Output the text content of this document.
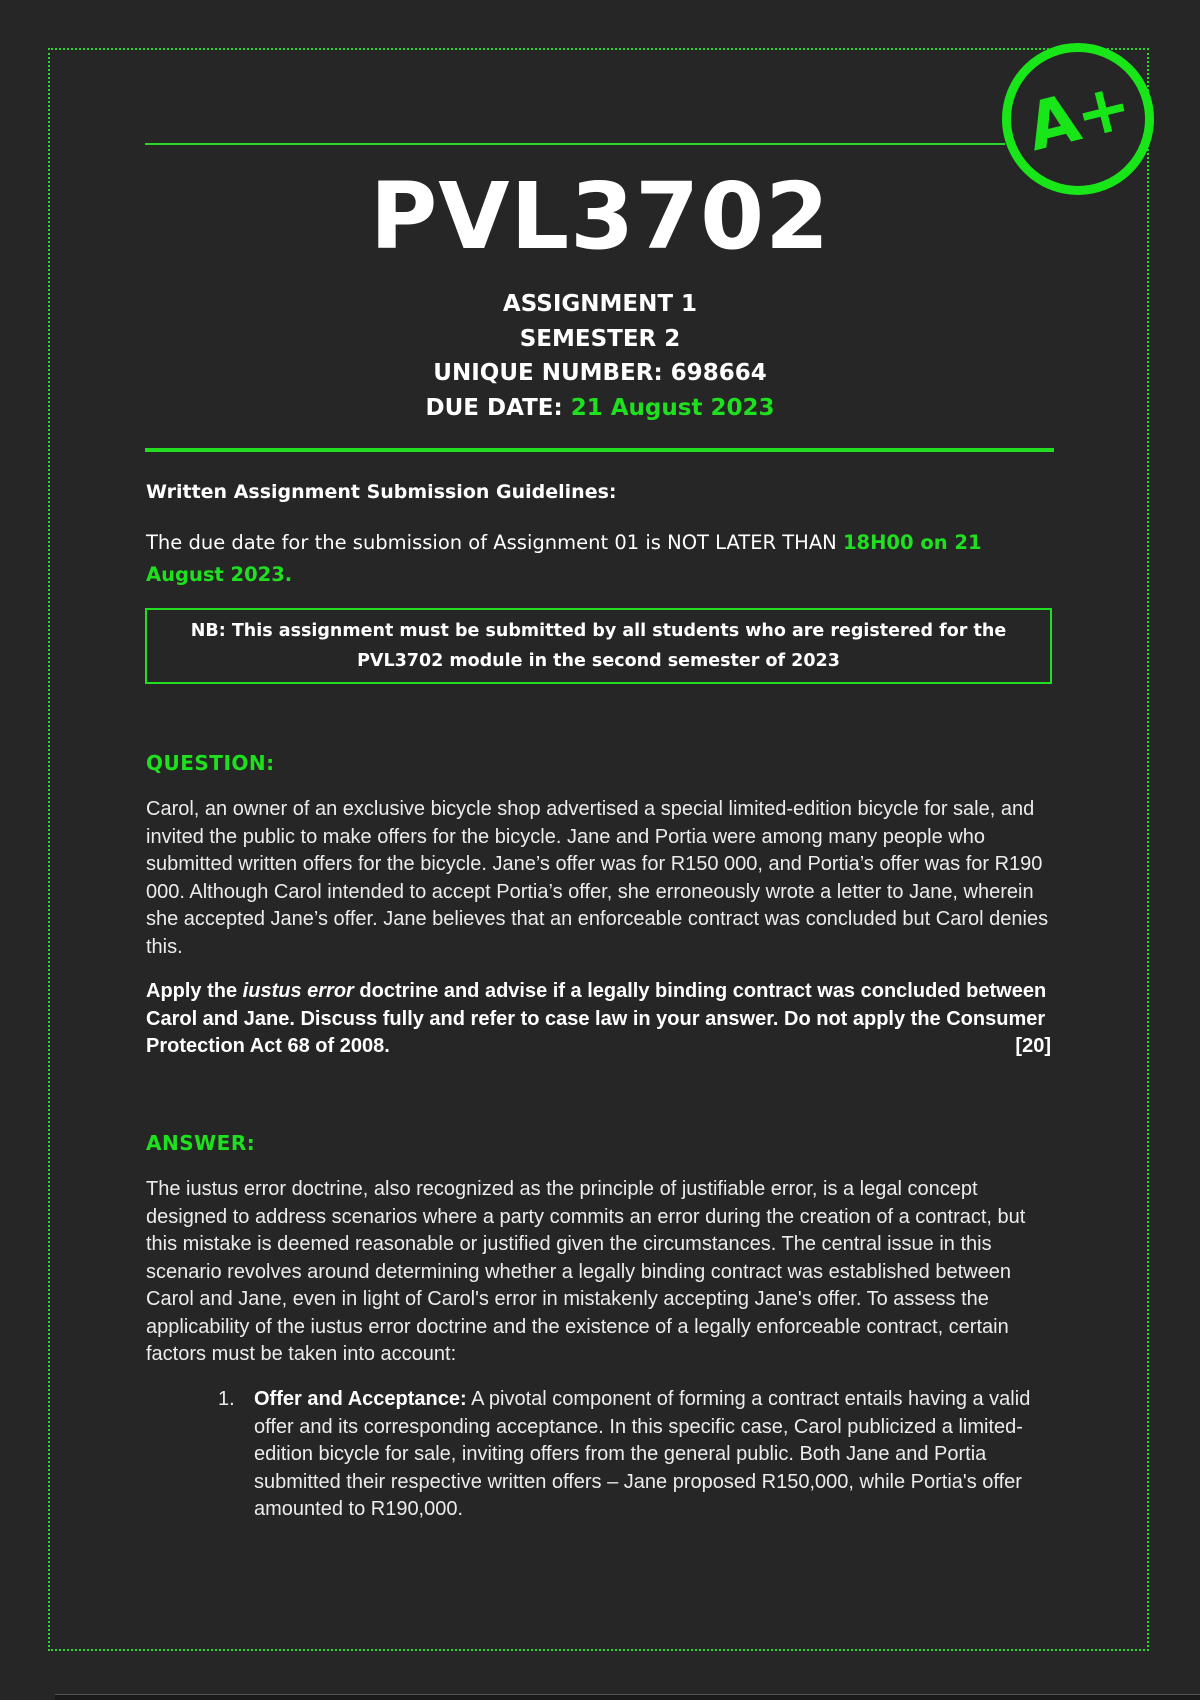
A+
PVL3702
ASSIGNMENT 1
SEMESTER 2
UNIQUE NUMBER: 698664
DUE DATE: 21 August 2023
Written Assignment Submission Guidelines:
The due date for the submission of Assignment 01 is NOT LATER THAN 18H00 on 21 August 2023.
NB: This assignment must be submitted by all students who are registered for the PVL3702 module in the second semester of 2023
QUESTION:
Carol, an owner of an exclusive bicycle shop advertised a special limited-edition bicycle for sale, and invited the public to make offers for the bicycle. Jane and Portia were among many people who submitted written offers for the bicycle. Jane’s offer was for R150 000, and Portia’s offer was for R190 000. Although Carol intended to accept Portia’s offer, she erroneously wrote a letter to Jane, wherein she accepted Jane’s offer. Jane believes that an enforceable contract was concluded but Carol denies this.
Apply the iustus error doctrine and advise if a legally binding contract was concluded between Carol and Jane. Discuss fully and refer to case law in your answer. Do not apply the Consumer Protection Act 68 of 2008.	[20]
ANSWER:
The iustus error doctrine, also recognized as the principle of justifiable error, is a legal concept designed to address scenarios where a party commits an error during the creation of a contract, but this mistake is deemed reasonable or justified given the circumstances. The central issue in this scenario revolves around determining whether a legally binding contract was established between Carol and Jane, even in light of Carol's error in mistakenly accepting Jane's offer. To assess the applicability of the iustus error doctrine and the existence of a legally enforceable contract, certain factors must be taken into account:
1. Offer and Acceptance: A pivotal component of forming a contract entails having a valid offer and its corresponding acceptance. In this specific case, Carol publicized a limited-edition bicycle for sale, inviting offers from the general public. Both Jane and Portia submitted their respective written offers – Jane proposed R150,000, while Portia's offer amounted to R190,000.
